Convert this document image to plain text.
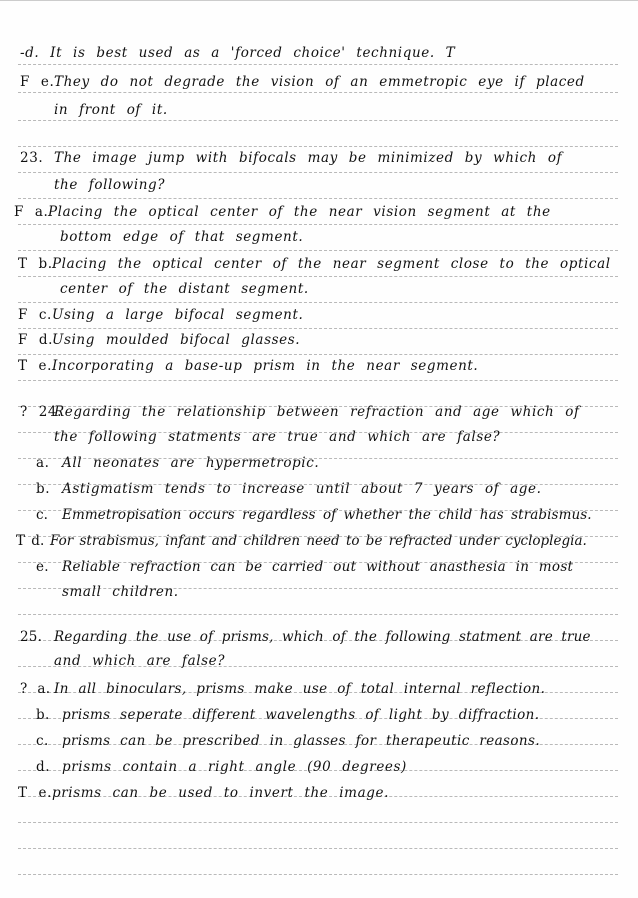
-d. It is best used as a 'forced choice' technique. T
F e.They do not degrade the vision of an emmetropic eye if placed
in front of it.
23. The image jump with bifocals may be minimized by which of
the following?
F a.Placing the optical center of the near vision segment at the
bottom edge of that segment.
T b.Placing the optical center of the near segment close to the optical
center of the distant segment.
F c.Using a large bifocal segment.
F d.Using moulded bifocal glasses.
T e.Incorporating a base-up prism in the near segment.
? 24.Regarding the relationship between refraction and age which of
the following statments are true and which are false?
a. All neonates are hypermetropic.
b. Astigmatism tends to increase until about 7 years of age.
c. Emmetropisation occurs regardless of whether the child has strabismus.
T d. For strabismus, infant and children need to be refracted under cycloplegia.
e. Reliable refraction can be carried out without anasthesia in most
small children.
25. Regarding the use of prisms, which of the following statment are true
and which are false?
? a. In all binoculars, prisms make use of total internal reflection.
b. prisms seperate different wavelengths of light by diffraction.
c. prisms can be prescribed in glasses for therapeutic reasons.
d. prisms contain a right angle (90 degrees)
T e.prisms can be used to invert the image.
